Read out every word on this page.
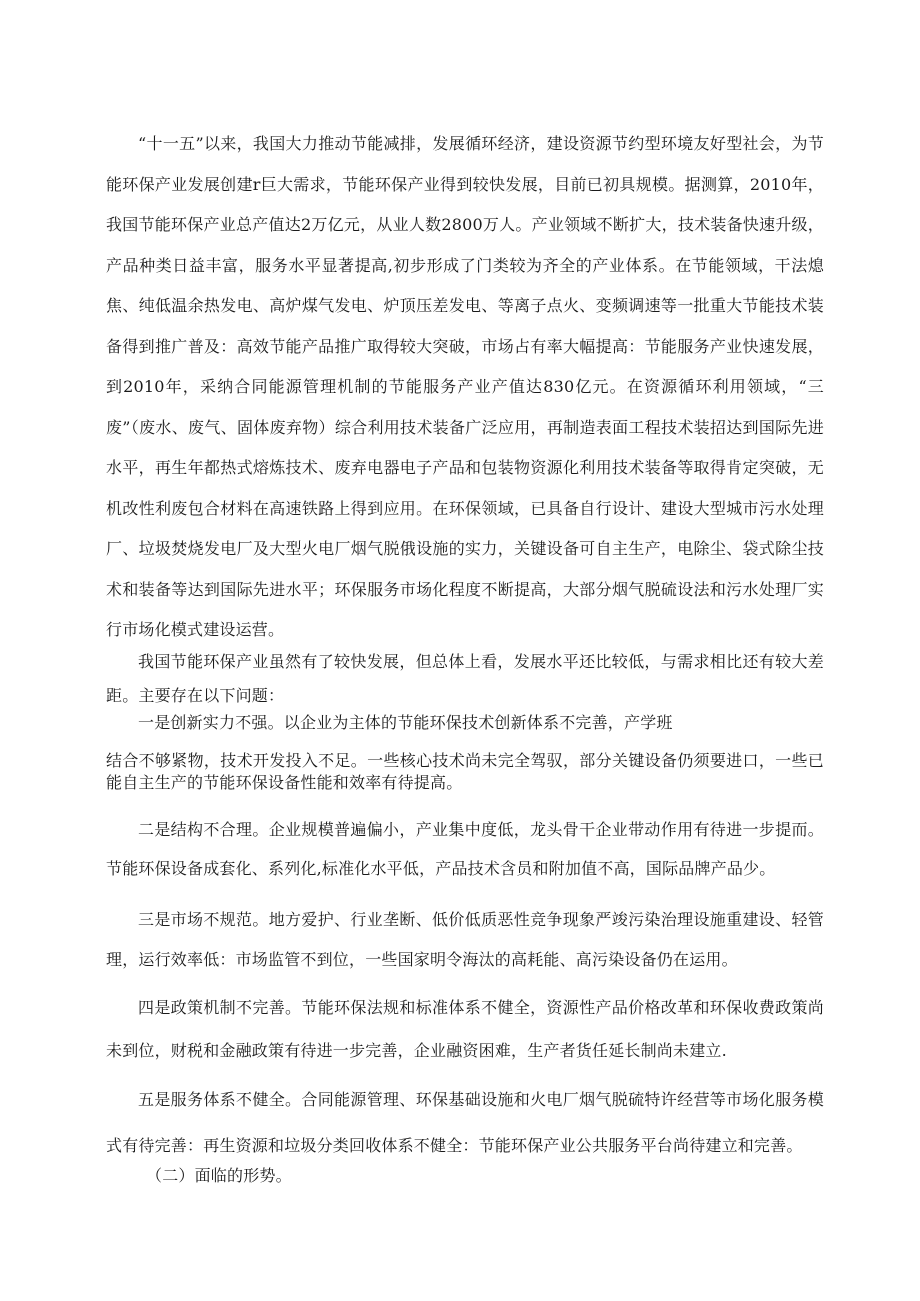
“十一五”以来，我国大力推动节能减排，发展循环经济，建设资源节约型环境友好型社会，为节能环保产业发展创建r巨大需求，节能环保产业得到较快发展，目前已初具规模。据测算，2010年，我国节能环保产业总产值达2万亿元，从业人数2800万人。产业领域不断扩大，技术装备快速升级，产品种类日益丰富，服务水平显著提高,初步形成了门类较为齐全的产业体系。在节能领域，干法熄焦、纯低温余热发电、高炉煤气发电、炉顶压差发电、等离子点火、变频调速等一批重大节能技术装备得到推广普及：高效节能产品推广取得较大突破，市场占有率大幅提高：节能服务产业快速发展，到2010年，采纳合同能源管理机制的节能服务产业产值达830亿元。在资源循环利用领域，“三废”（废水、废气、固体废弃物）综合利用技术装备广泛应用，再制造表面工程技术装招达到国际先进水平，再生年都热式熔炼技术、废弃电器电子产品和包装物资源化利用技术装备等取得肯定突破，无机改性利废包合材料在高速铁路上得到应用。在环保领域，已具备自行设计、建设大型城市污水处理厂、垃圾焚烧发电厂及大型火电厂烟气脱俄设施的实力，关键设备可自主生产，电除尘、袋式除尘技术和装备等达到国际先进水平；环保服务市场化程度不断提高，大部分烟气脱硫设法和污水处理厂实行市场化模式建设运营。

我国节能环保产业虽然有了较快发展，但总体上看，发展水平还比较低，与需求相比还有较大差距。主要存在以下问题：

一是创新实力不强。以企业为主体的节能环保技术创新体系不完善，产学班

结合不够紧物，技术开发投入不足。一些核心技术尚未完全驾驭，部分关键设备仍须要进口，一些已能自主生产的节能环保设备性能和效率有待提高。

二是结构不合理。企业规模普遍偏小，产业集中度低，龙头骨干企业带动作用有待进一步提而。节能环保设备成套化、系列化,标准化水平低，产品技术含员和附加值不高，国际品牌产品少。

三是市场不规范。地方爱护、行业垄断、低价低质恶性竞争现象严竣污染治理设施重建设、轻管理，运行效率低：市场监管不到位，一些国家明令海汰的高耗能、高污染设备仍在运用。

四是政策机制不完善。节能环保法规和标准体系不健全，资源性产品价格改革和环保收费政策尚未到位，财税和金融政策有待进一步完善，企业融资困难，生产者货任延长制尚未建立.

五是服务体系不健全。合同能源管理、环保基础设施和火电厂烟气脱硫特许经营等市场化服务模式有待完善：再生资源和垃圾分类回收体系不健全：节能环保产业公共服务平台尚待建立和完善。

（二）面临的形势。
